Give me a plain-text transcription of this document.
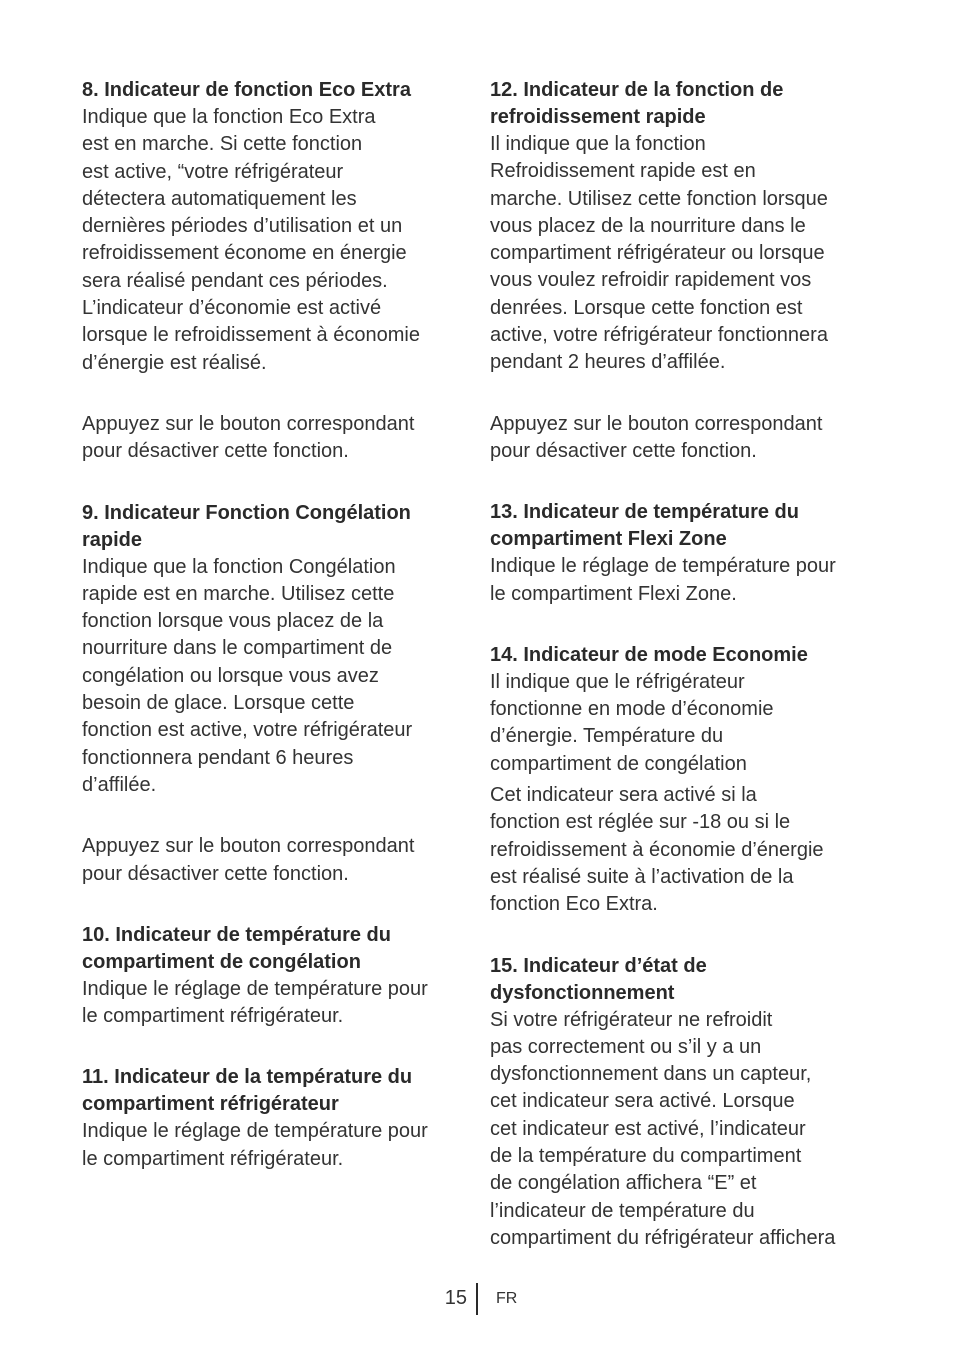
8. Indicateur de fonction Eco Extra

Indique que la fonction Eco Extra
est en marche. Si cette fonction
est active, “votre réfrigérateur
détectera automatiquement les
dernières périodes d’utilisation et un
refroidissement économe en énergie
sera réalisé pendant ces périodes.
L’indicateur d’économie est activé
lorsque le refroidissement à économie
d’énergie est réalisé.

Appuyez sur le bouton correspondant
pour désactiver cette fonction.

9. Indicateur Fonction Congélation
rapide

Indique que la fonction Congélation
rapide est en marche. Utilisez cette
fonction lorsque vous placez de la
nourriture dans le compartiment de
congélation ou lorsque vous avez
besoin de glace. Lorsque cette
fonction est active, votre réfrigérateur
fonctionnera pendant 6 heures
d’affilée.

Appuyez sur le bouton correspondant
pour désactiver cette fonction.

10. Indicateur de température du
compartiment de congélation

Indique le réglage de température pour
le compartiment réfrigérateur.

11. Indicateur de la température du
compartiment réfrigérateur

Indique le réglage de température pour
le compartiment réfrigérateur.

12. Indicateur de la fonction de
refroidissement rapide

Il indique que la fonction
Refroidissement rapide est en
marche. Utilisez cette fonction lorsque
vous placez de la nourriture dans le
compartiment réfrigérateur ou lorsque
vous voulez refroidir rapidement vos
denrées. Lorsque cette fonction est
active, votre réfrigérateur fonctionnera
pendant 2 heures d’affilée.

Appuyez sur le bouton correspondant
pour désactiver cette fonction.

13. Indicateur de température du
compartiment Flexi Zone

Indique le réglage de température pour
le compartiment Flexi Zone.

14. Indicateur de mode Economie

Il indique que le réfrigérateur
fonctionne en mode d’économie
d’énergie. Température du
compartiment de congélation

Cet indicateur sera activé si la
fonction est réglée sur -18 ou si le
refroidissement à économie d’énergie
est réalisé suite à l’activation de la
fonction Eco Extra.

15. Indicateur d’état de
dysfonctionnement

Si votre réfrigérateur ne refroidit
pas correctement ou s’il y a un
dysfonctionnement dans un capteur,
cet indicateur sera activé. Lorsque
cet indicateur est activé, l’indicateur
de la température du compartiment
de congélation affichera “E” et
l’indicateur de température du
compartiment du réfrigérateur affichera

15 FR
